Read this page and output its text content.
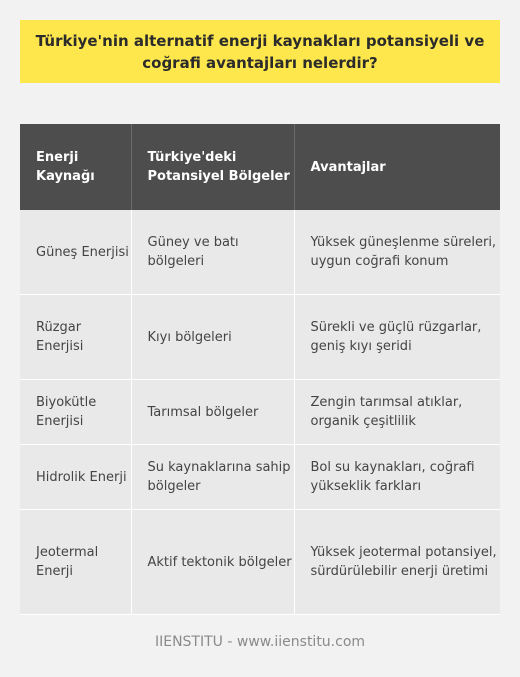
Türkiye'nin alternatif enerji kaynakları potansiyeli ve coğrafi avantajları nelerdir?
Enerji Kaynağı	Türkiye'deki Potansiyel Bölgeler	Avantajlar
Güneş Enerjisi	Güney ve batı bölgeleri	Yüksek güneşlenme süreleri, uygun coğrafi konum
Rüzgar Enerjisi	Kıyı bölgeleri	Sürekli ve güçlü rüzgarlar, geniş kıyı şeridi
Biyokütle Enerjisi	Tarımsal bölgeler	Zengin tarımsal atıklar, organik çeşitlilik
Hidrolik Enerji	Su kaynaklarına sahip bölgeler	Bol su kaynakları, coğrafi yükseklik farkları
Jeotermal Enerji	Aktif tektonik bölgeler	Yüksek jeotermal potansiyel, sürdürülebilir enerji üretimi
IIENSTITU - www.iienstitu.com
